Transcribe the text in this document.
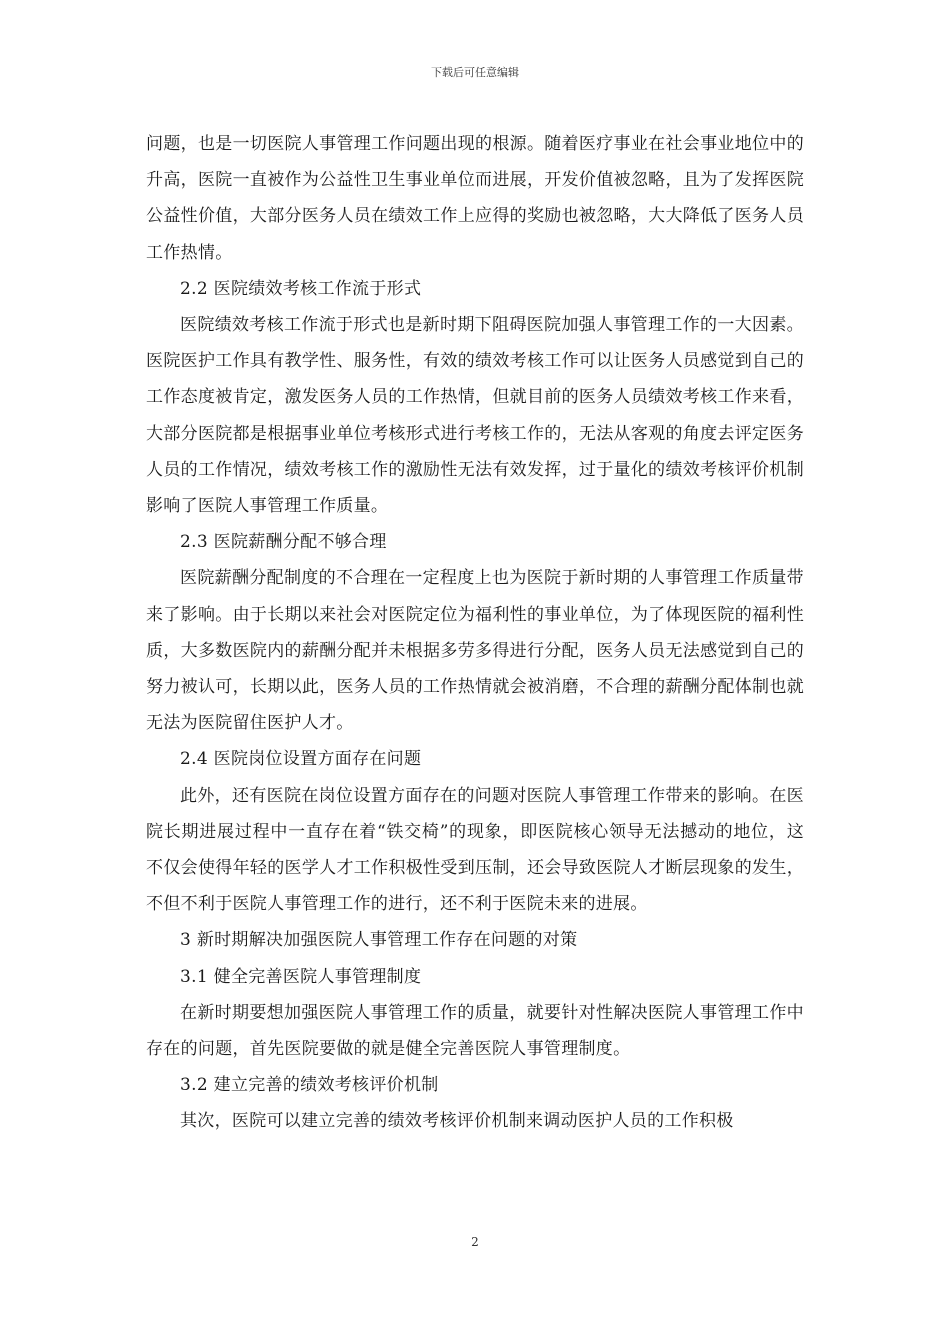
下载后可任意编辑

问题，也是一切医院人事管理工作问题出现的根源。随着医疗事业在社会事业地位中的升高，医院一直被作为公益性卫生事业单位而进展，开发价值被忽略，且为了发挥医院公益性价值，大部分医务人员在绩效工作上应得的奖励也被忽略，大大降低了医务人员工作热情。

2.2 医院绩效考核工作流于形式

医院绩效考核工作流于形式也是新时期下阻碍医院加强人事管理工作的一大因素。医院医护工作具有教学性、服务性，有效的绩效考核工作可以让医务人员感觉到自己的工作态度被肯定，激发医务人员的工作热情，但就目前的医务人员绩效考核工作来看，大部分医院都是根据事业单位考核形式进行考核工作的，无法从客观的角度去评定医务人员的工作情况，绩效考核工作的激励性无法有效发挥，过于量化的绩效考核评价机制影响了医院人事管理工作质量。

2.3 医院薪酬分配不够合理

医院薪酬分配制度的不合理在一定程度上也为医院于新时期的人事管理工作质量带来了影响。由于长期以来社会对医院定位为福利性的事业单位，为了体现医院的福利性质，大多数医院内的薪酬分配并未根据多劳多得进行分配，医务人员无法感觉到自己的努力被认可，长期以此，医务人员的工作热情就会被消磨，不合理的薪酬分配体制也就无法为医院留住医护人才。

2.4 医院岗位设置方面存在问题

此外，还有医院在岗位设置方面存在的问题对医院人事管理工作带来的影响。在医院长期进展过程中一直存在着“铁交椅”的现象，即医院核心领导无法撼动的地位，这不仅会使得年轻的医学人才工作积极性受到压制，还会导致医院人才断层现象的发生，不但不利于医院人事管理工作的进行，还不利于医院未来的进展。

3 新时期解决加强医院人事管理工作存在问题的对策

3.1 健全完善医院人事管理制度

在新时期要想加强医院人事管理工作的质量，就要针对性解决医院人事管理工作中存在的问题，首先医院要做的就是健全完善医院人事管理制度。

3.2 建立完善的绩效考核评价机制

其次，医院可以建立完善的绩效考核评价机制来调动医护人员的工作积极

2
